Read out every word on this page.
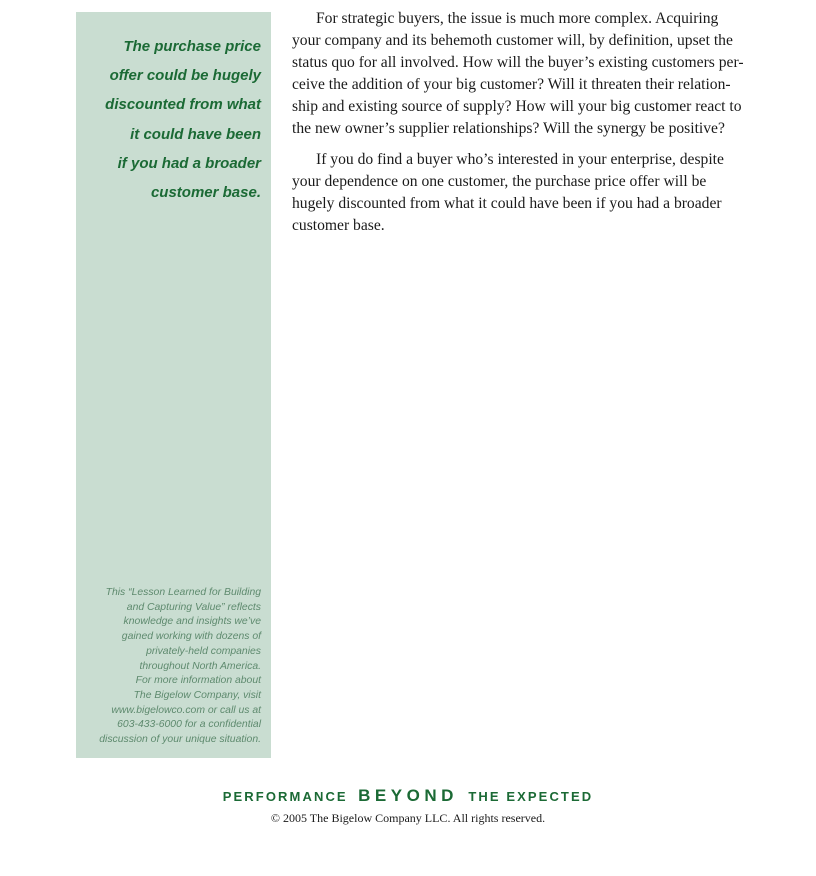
The purchase price
offer could be hugely
discounted from what
it could have been
if you had a broader
customer base.
This “Lesson Learned for Building
and Capturing Value” reflects
knowledge and insights we’ve
gained working with dozens of
privately-held companies
throughout North America.
For more information about
The Bigelow Company, visit
www.bigelowco.com or call us at
603-433-6000 for a confidential
discussion of your unique situation.

For strategic buyers, the issue is much more complex. Acquiring
your company and its behemoth customer will, by definition, upset the
status quo for all involved. How will the buyer’s existing customers per-
ceive the addition of your big customer? Will it threaten their relation-
ship and existing source of supply? How will your big customer react to
the new owner’s supplier relationships? Will the synergy be positive?

If you do find a buyer who’s interested in your enterprise, despite
your dependence on one customer, the purchase price offer will be
hugely discounted from what it could have been if you had a broader
customer base.

PERFORMANCE BEYOND THE EXPECTED
© 2005 The Bigelow Company LLC. All rights reserved.
